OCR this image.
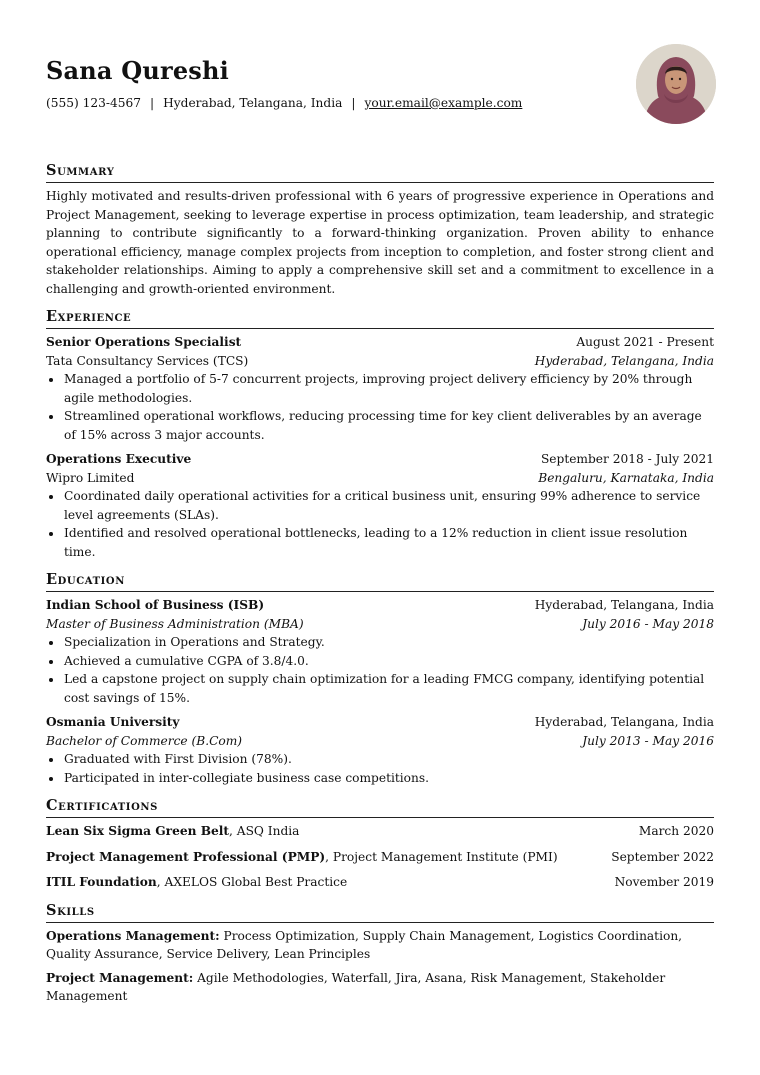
Sana Qureshi
(555) 123-4567 | Hyderabad, Telangana, India | your.email@example.com
Summary
Highly motivated and results-driven professional with 6 years of progressive experience in Operations and Project Management, seeking to leverage expertise in process optimization, team leadership, and strategic planning to contribute significantly to a forward-thinking organization. Proven ability to enhance operational efficiency, manage complex projects from inception to completion, and foster strong client and stakeholder relationships. Aiming to apply a comprehensive skill set and a commitment to excellence in a challenging and growth-oriented environment.
Experience
Senior Operations Specialist	August 2021 - Present
Tata Consultancy Services (TCS)	Hyderabad, Telangana, India
• Managed a portfolio of 5-7 concurrent projects, improving project delivery efficiency by 20% through agile methodologies.
• Streamlined operational workflows, reducing processing time for key client deliverables by an average of 15% across 3 major accounts.
Operations Executive	September 2018 - July 2021
Wipro Limited	Bengaluru, Karnataka, India
• Coordinated daily operational activities for a critical business unit, ensuring 99% adherence to service level agreements (SLAs).
• Identified and resolved operational bottlenecks, leading to a 12% reduction in client issue resolution time.
Education
Indian School of Business (ISB)	Hyderabad, Telangana, India
Master of Business Administration (MBA)	July 2016 - May 2018
• Specialization in Operations and Strategy.
• Achieved a cumulative CGPA of 3.8/4.0.
• Led a capstone project on supply chain optimization for a leading FMCG company, identifying potential cost savings of 15%.
Osmania University	Hyderabad, Telangana, India
Bachelor of Commerce (B.Com)	July 2013 - May 2016
• Graduated with First Division (78%).
• Participated in inter-collegiate business case competitions.
Certifications
Lean Six Sigma Green Belt, ASQ India	March 2020
Project Management Professional (PMP), Project Management Institute (PMI)	September 2022
ITIL Foundation, AXELOS Global Best Practice	November 2019
Skills
Operations Management: Process Optimization, Supply Chain Management, Logistics Coordination, Quality Assurance, Service Delivery, Lean Principles
Project Management: Agile Methodologies, Waterfall, Jira, Asana, Risk Management, Stakeholder Management
